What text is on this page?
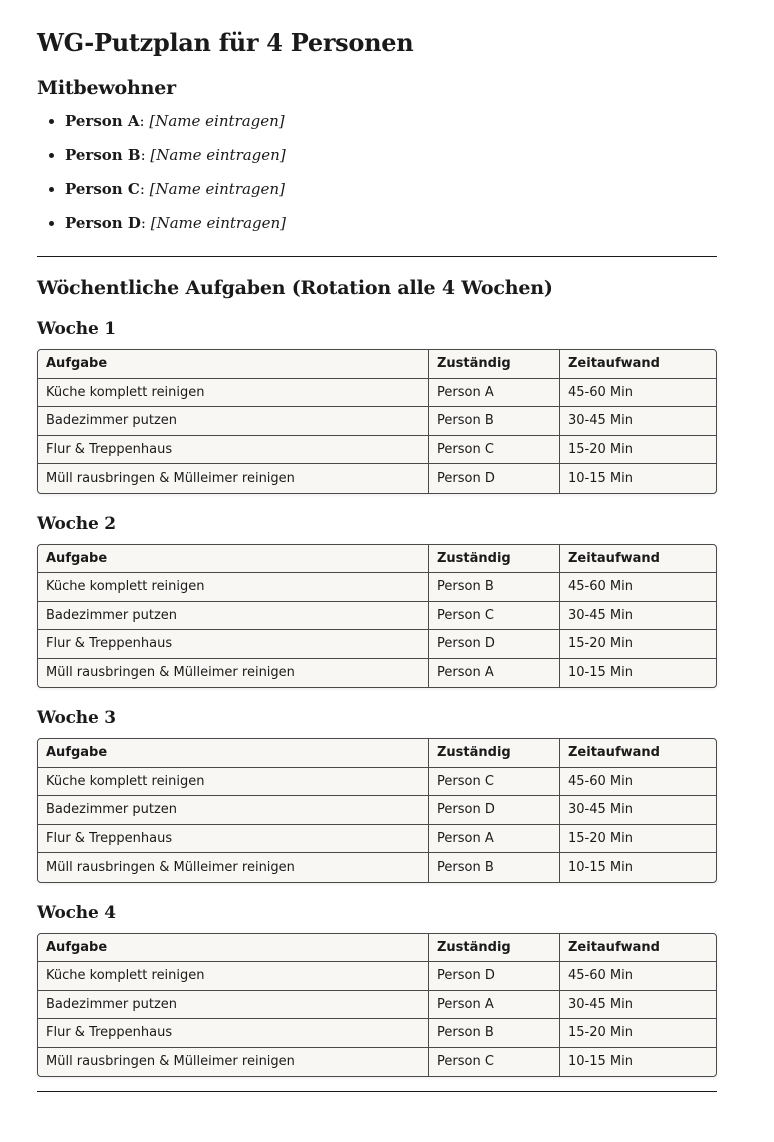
WG-Putzplan für 4 Personen
Mitbewohner
• Person A: [Name eintragen]
• Person B: [Name eintragen]
• Person C: [Name eintragen]
• Person D: [Name eintragen]
Wöchentliche Aufgaben (Rotation alle 4 Wochen)
Woche 1
Aufgabe	Zuständig	Zeitaufwand
Küche komplett reinigen	Person A	45-60 Min
Badezimmer putzen	Person B	30-45 Min
Flur & Treppenhaus	Person C	15-20 Min
Müll rausbringen & Mülleimer reinigen	Person D	10-15 Min
Woche 2
Aufgabe	Zuständig	Zeitaufwand
Küche komplett reinigen	Person B	45-60 Min
Badezimmer putzen	Person C	30-45 Min
Flur & Treppenhaus	Person D	15-20 Min
Müll rausbringen & Mülleimer reinigen	Person A	10-15 Min
Woche 3
Aufgabe	Zuständig	Zeitaufwand
Küche komplett reinigen	Person C	45-60 Min
Badezimmer putzen	Person D	30-45 Min
Flur & Treppenhaus	Person A	15-20 Min
Müll rausbringen & Mülleimer reinigen	Person B	10-15 Min
Woche 4
Aufgabe	Zuständig	Zeitaufwand
Küche komplett reinigen	Person D	45-60 Min
Badezimmer putzen	Person A	30-45 Min
Flur & Treppenhaus	Person B	15-20 Min
Müll rausbringen & Mülleimer reinigen	Person C	10-15 Min
